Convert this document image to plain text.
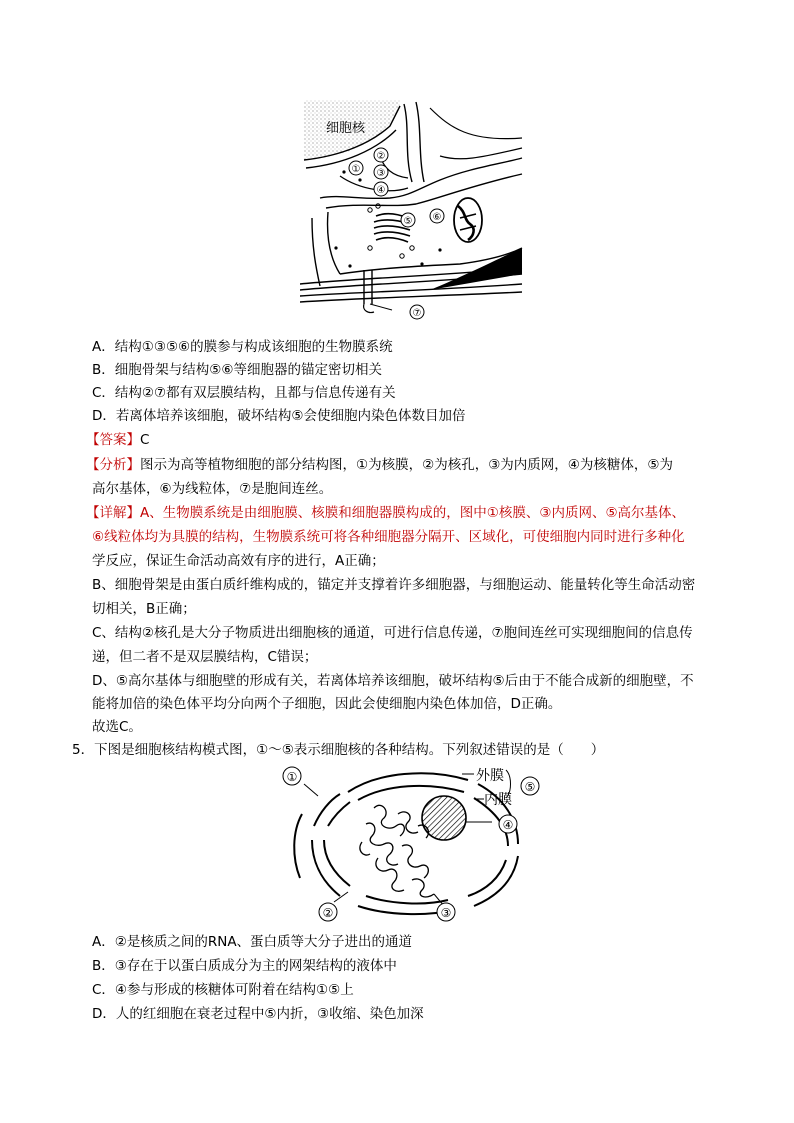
细胞核
①
②
③
④
⑤ ⑥
⑦
A．结构①③⑤⑥的膜参与构成该细胞的生物膜系统
B．细胞骨架与结构⑤⑥等细胞器的锚定密切相关
C．结构②⑦都有双层膜结构，且都与信息传递有关
D．若离体培养该细胞，破坏结构⑤会使细胞内染色体数目加倍
【答案】C
【分析】图示为高等植物细胞的部分结构图，①为核膜，②为核孔，③为内质网，④为核糖体，⑤为
高尔基体，⑥为线粒体，⑦是胞间连丝。
【详解】A、生物膜系统是由细胞膜、核膜和细胞器膜构成的，图中①核膜、③内质网、⑤高尔基体、
⑥线粒体均为具膜的结构，生物膜系统可将各种细胞器分隔开、区域化，可使细胞内同时进行多种化
学反应，保证生命活动高效有序的进行，A正确；
B、细胞骨架是由蛋白质纤维构成的，锚定并支撑着许多细胞器，与细胞运动、能量转化等生命活动密
切相关，B正确；
C、结构②核孔是大分子物质进出细胞核的通道，可进行信息传递，⑦胞间连丝可实现细胞间的信息传
递，但二者不是双层膜结构，C错误；
D、⑤高尔基体与细胞壁的形成有关，若离体培养该细胞，破坏结构⑤后由于不能合成新的细胞壁，不
能将加倍的染色体平均分向两个子细胞，因此会使细胞内染色体加倍，D正确。
故选C。
5．下图是细胞核结构模式图，①～⑤表示细胞核的各种结构。下列叙述错误的是（　　）
外膜
内膜
①
②	③
④
⑤
A．②是核质之间的RNA、蛋白质等大分子进出的通道
B．③存在于以蛋白质成分为主的网架结构的液体中
C．④参与形成的核糖体可附着在结构①⑤上
D．人的红细胞在衰老过程中⑤内折，③收缩、染色加深
